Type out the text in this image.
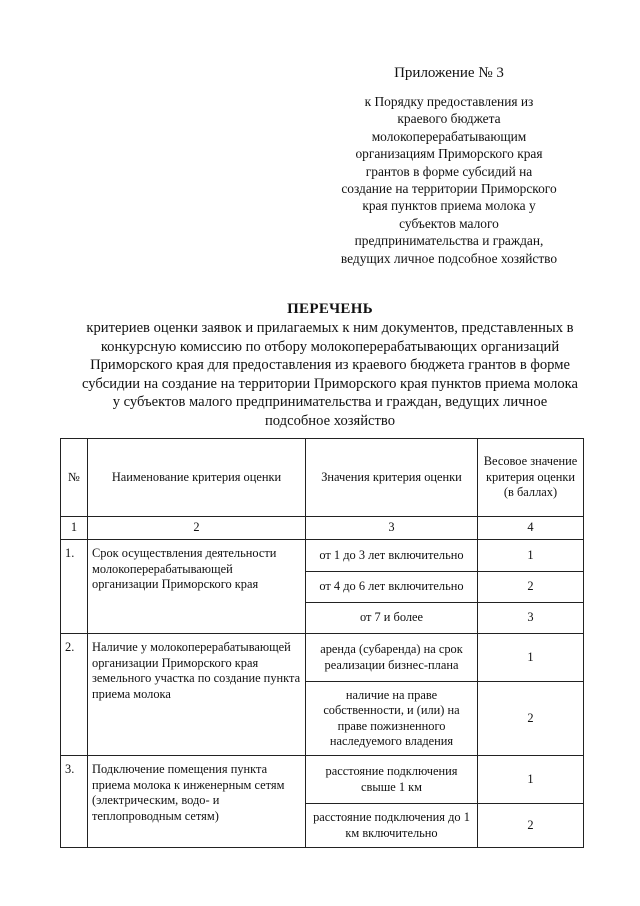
Приложение № 3
к Порядку предоставления из
краевого бюджета
молокоперерабатывающим
организациям Приморского края
грантов в форме субсидий на
создание на территории Приморского
края пунктов приема молока у
субъектов малого
предпринимательства и граждан,
ведущих личное подсобное хозяйство
ПЕРЕЧЕНЬ
критериев оценки заявок и прилагаемых к ним документов, представленных в
конкурсную комиссию по отбору молокоперерабатывающих организаций
Приморского края для предоставления из краевого бюджета грантов в форме
субсидии на создание на территории Приморского края пунктов приема молока
у субъектов малого предпринимательства и граждан, ведущих личное
подсобное хозяйство
№	Наименование критерия оценки	Значения критерия оценки	Весовое значение критерия оценки (в баллах)
1	2	3	4
1.	Срок осуществления деятельности молокоперерабатывающей организации Приморского края	от 1 до 3 лет включительно	1
		от 4 до 6 лет включительно	2
		от 7 и более	3
2.	Наличие у молокоперерабатывающей организации Приморского края земельного участка по создание пункта приема молока	аренда (субаренда) на срок реализации бизнес-плана	1
		наличие на праве собственности, и (или) на праве пожизненного наследуемого владения	2
3.	Подключение помещения пункта приема молока к инженерным сетям (электрическим, водо- и теплопроводным сетям)	расстояние подключения свыше 1 км	1
		расстояние подключения до 1 км включительно	2
